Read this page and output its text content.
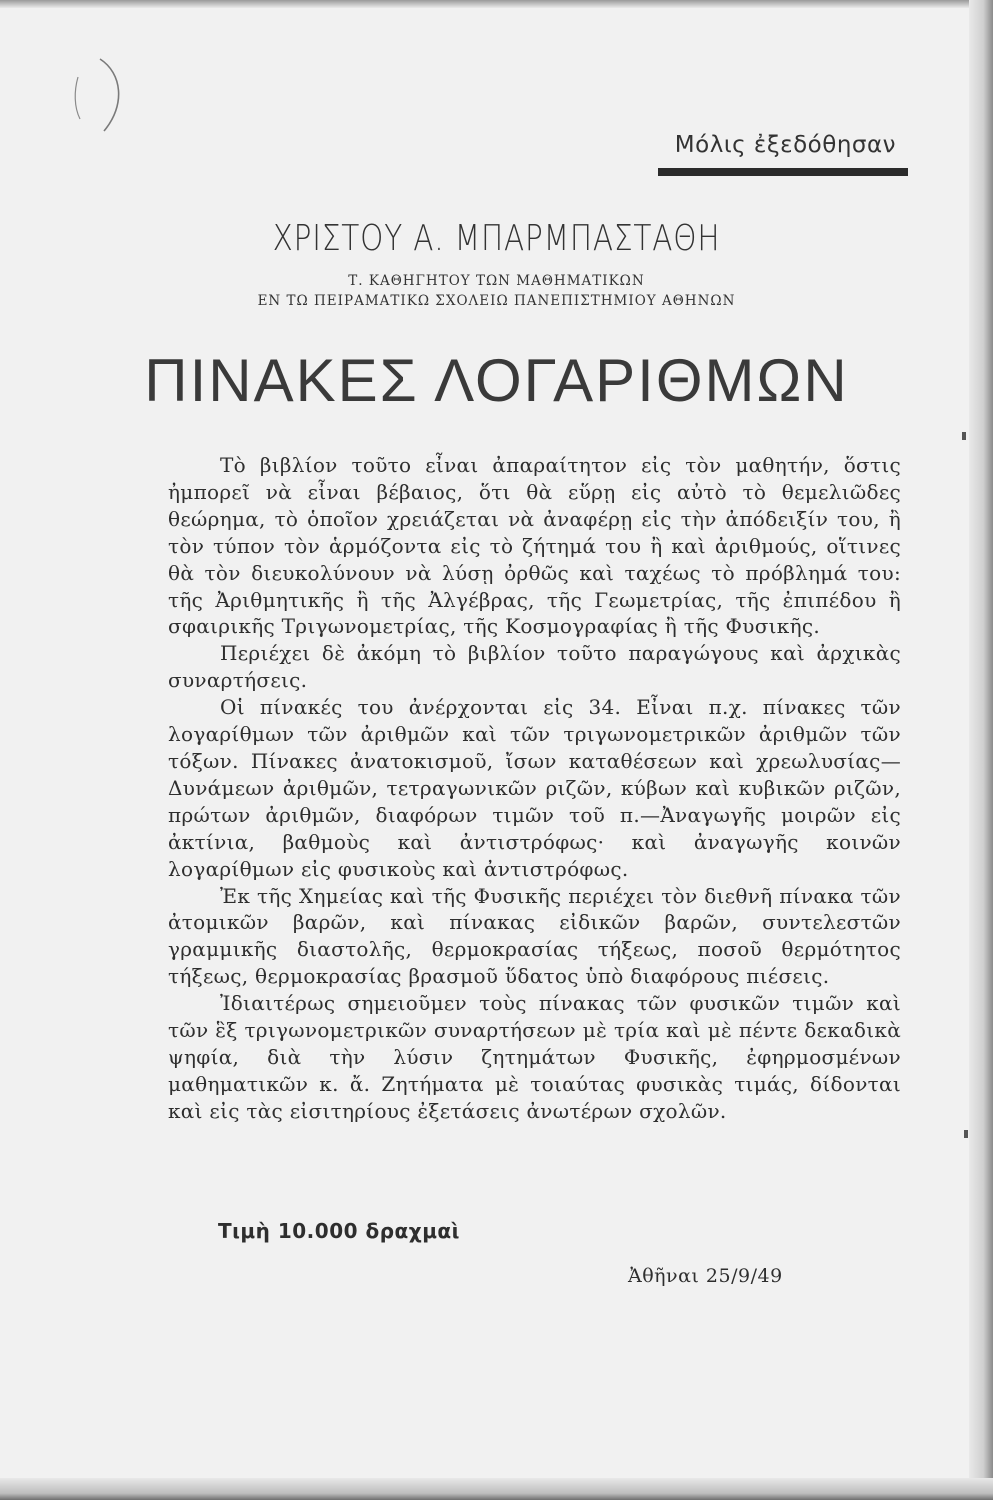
Μόλις ἐξεδόθησαν
ΧΡΙΣΤΟΥ Α. ΜΠΑΡΜΠΑΣΤΑΘΗ
Τ. ΚΑΘΗΓΗΤΟΥ ΤΩΝ ΜΑΘΗΜΑΤΙΚΩΝ
ΕΝ ΤΩ ΠΕΙΡΑΜΑΤΙΚΩ ΣΧΟΛΕΙΩ ΠΑΝΕΠΙΣΤΗΜΙΟΥ ΑΘΗΝΩΝ
ΠΙΝΑΚΕΣ ΛΟΓΑΡΙΘΜΩΝ

Τὸ βιβλίον τοῦτο εἶναι ἀπαραίτητον εἰς τὸν μαθητήν, ὅστις ἠμπορεῖ νὰ εἶναι βέβαιος, ὅτι θὰ εὕρῃ εἰς αὐτὸ τὸ θεμελιῶδες θεώρημα, τὸ ὁποῖον χρειάζεται νὰ ἀναφέρῃ εἰς τὴν ἀπόδειξίν του, ἢ τὸν τύπον τὸν ἁρμόζοντα εἰς τὸ ζήτημά του ἢ καὶ ἀριθμούς, οἵτινες θὰ τὸν διευκολύνουν νὰ λύσῃ ὀρθῶς καὶ ταχέως τὸ πρόβλημά του: τῆς Ἀριθμητικῆς ἢ τῆς Ἀλγέβρας, τῆς Γεωμετρίας, τῆς ἐπιπέδου ἢ σφαιρικῆς Τριγωνομετρίας, τῆς Κοσμογραφίας ἢ τῆς Φυσικῆς.

Περιέχει δὲ ἀκόμη τὸ βιβλίον τοῦτο παραγώγους καὶ ἀρχικὰς συναρτήσεις.

Οἱ πίνακές του ἀνέρχονται εἰς 34. Εἶναι π.χ. πίνακες τῶν λογαρίθμων τῶν ἀριθμῶν καὶ τῶν τριγωνομετρικῶν ἀριθμῶν τῶν τόξων. Πίνακες ἀνατοκισμοῦ, ἴσων καταθέσεων καὶ χρεωλυσίας—Δυνάμεων ἀριθμῶν, τετραγωνικῶν ριζῶν, κύβων καὶ κυβικῶν ριζῶν, πρώτων ἀριθμῶν, διαφόρων τιμῶν τοῦ π.—Ἀναγωγῆς μοιρῶν εἰς ἀκτίνια, βαθμοὺς καὶ ἀντιστρόφως· καὶ ἀναγωγῆς κοινῶν λογαρίθμων εἰς φυσικοὺς καὶ ἀντιστρόφως.

Ἐκ τῆς Χημείας καὶ τῆς Φυσικῆς περιέχει τὸν διεθνῆ πίνακα τῶν ἀτομικῶν βαρῶν, καὶ πίνακας εἰδικῶν βαρῶν, συντελεστῶν γραμμικῆς διαστολῆς, θερμοκρασίας τήξεως, ποσοῦ θερμότητος τήξεως, θερμοκρασίας βρασμοῦ ὕδατος ὑπὸ διαφόρους πιέσεις.

Ἰδιαιτέρως σημειοῦμεν τοὺς πίνακας τῶν φυσικῶν τιμῶν καὶ τῶν ἓξ τριγωνομετρικῶν συναρτήσεων μὲ τρία καὶ μὲ πέντε δεκαδικὰ ψηφία, διὰ τὴν λύσιν ζητημάτων Φυσικῆς, ἐφηρμοσμένων μαθηματικῶν κ. ἄ. Ζητήματα μὲ τοιαύτας φυσικὰς τιμάς, δίδονται καὶ εἰς τὰς εἰσιτηρίους ἐξετάσεις ἀνωτέρων σχολῶν.

Τιμὴ 10.000 δραχμαὶ
Ἀθῆναι 25/9/49
